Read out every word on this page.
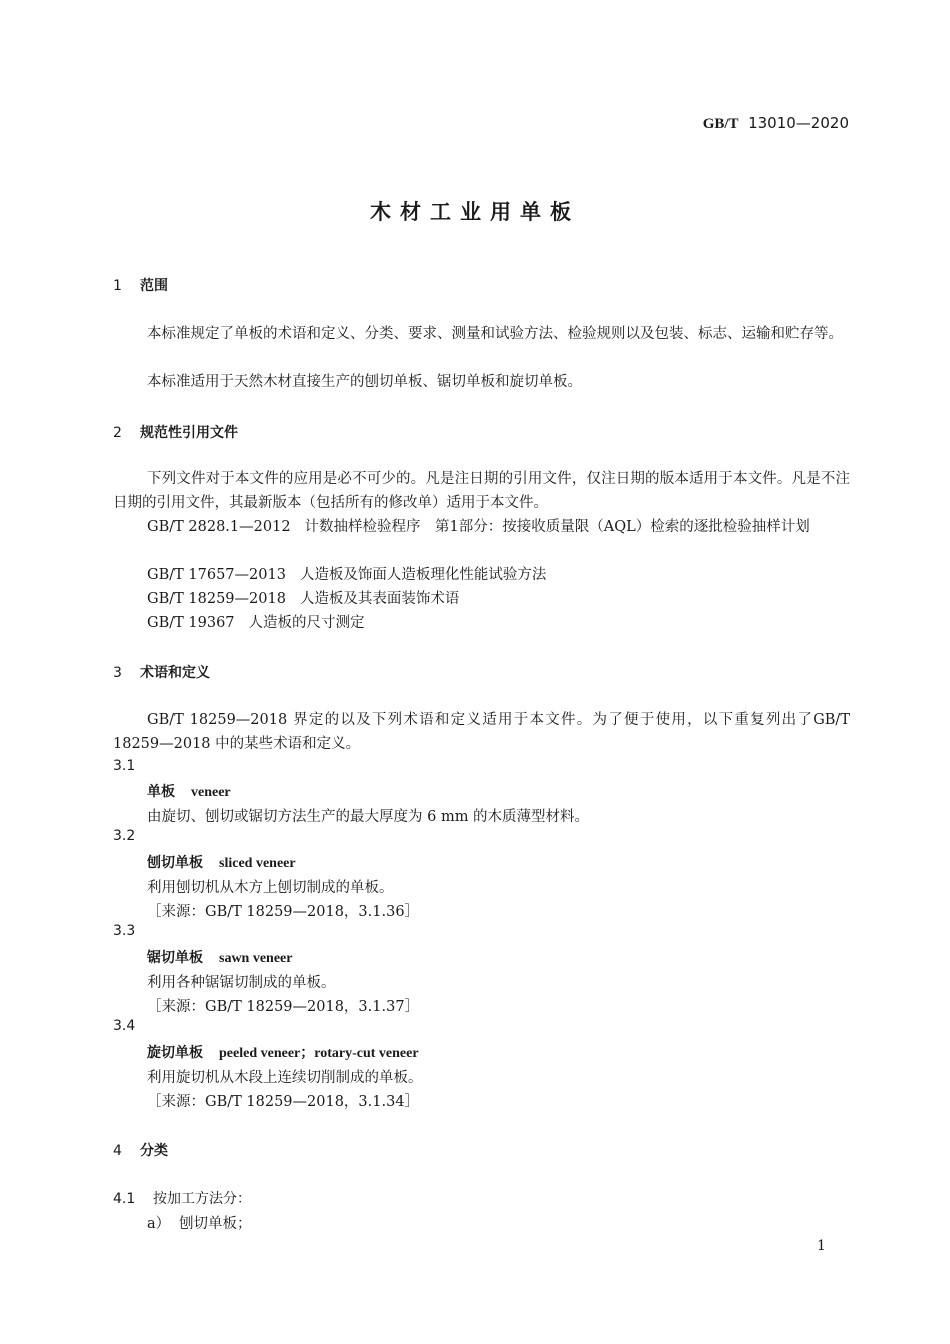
GB/T 13010—2020
木材工业用单板
1 范围
本标准规定了单板的术语和定义、分类、要求、测量和试验方法、检验规则以及包装、标志、运输和贮存等。
本标准适用于天然木材直接生产的刨切单板、锯切单板和旋切单板。
2 规范性引用文件
下列文件对于本文件的应用是必不可少的。凡是注日期的引用文件，仅注日期的版本适用于本文件。凡是不注日期的引用文件，其最新版本（包括所有的修改单）适用于本文件。
GB/T 2828.1—2012 计数抽样检验程序　第1部分：按接收质量限（AQL）检索的逐批检验抽样计划
GB/T 17657—2013 人造板及饰面人造板理化性能试验方法
GB/T 18259—2018 人造板及其表面装饰术语
GB/T 19367 人造板的尺寸测定
3 术语和定义
GB/T 18259—2018 界定的以及下列术语和定义适用于本文件。为了便于使用，以下重复列出了GB/T 18259—2018 中的某些术语和定义。
3.1
单板 veneer
由旋切、刨切或锯切方法生产的最大厚度为 6 mm 的木质薄型材料。
3.2
刨切单板 sliced veneer
利用刨切机从木方上刨切制成的单板。
［来源：GB/T 18259—2018，3.1.36］
3.3
锯切单板 sawn veneer
利用各种锯锯切制成的单板。
［来源：GB/T 18259—2018，3.1.37］
3.4
旋切单板 peeled veneer；rotary-cut veneer
利用旋切机从木段上连续切削制成的单板。
［来源：GB/T 18259—2018，3.1.34］
4 分类
4.1 按加工方法分：
a） 刨切单板；
1
